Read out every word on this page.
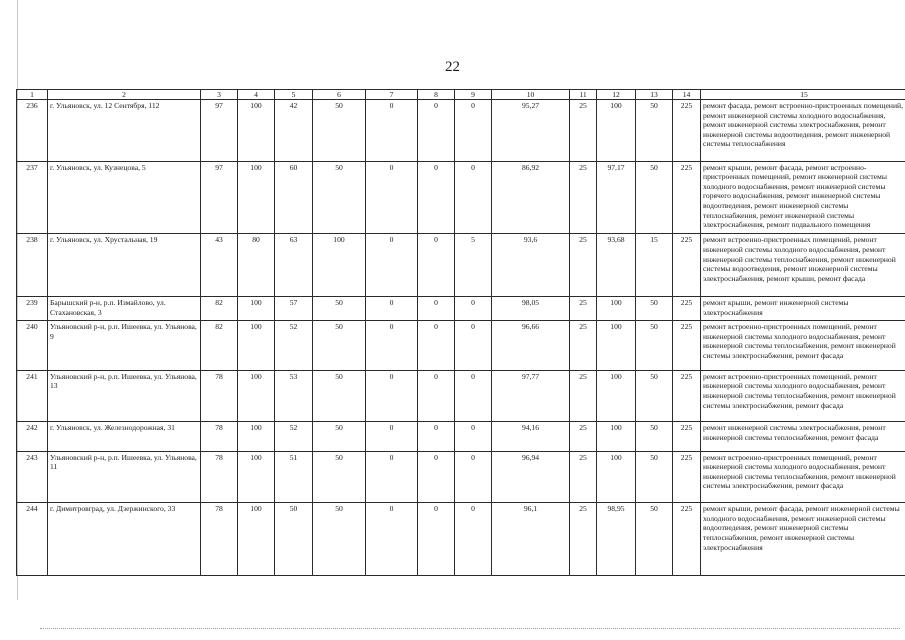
22
1	2	3	4	5	6	7	8	9	10	11	12	13	14	15
236	г. Ульяновск, ул. 12 Сентября, 112	97	100	42	50	0	0	0	95,27	25	100	50	225	ремонт фасада, ремонт встроенно-пристроенных помещений, ремонт инженерной системы холодного водоснабжения, ремонт инженерной системы электроснабжения, ремонт инженерной системы водоотведения, ремонт инженерной системы теплоснабжения
237	г. Ульяновск, ул. Кузнецова, 5	97	100	60	50	0	0	0	86,92	25	97,17	50	225	ремонт крыши, ремонт фасада, ремонт встроенно-пристроенных помещений, ремонт инженерной системы холодного водоснабжения, ремонт инженерной системы горячего водоснабжения, ремонт инженерной системы водоотведения, ремонт инженерной системы теплоснабжения, ремонт инженерной системы электроснабжения, ремонт подвального помещения
238	г. Ульяновск, ул. Хрустальная, 19	43	80	63	100	0	0	5	93,6	25	93,68	15	225	ремонт встроенно-пристроенных помещений, ремонт инженерной системы холодного водоснабжения, ремонт инженерной системы теплоснабжения, ремонт инженерной системы водоотведения, ремонт инженерной системы электроснабжения, ремонт крыши, ремонт фасада
239	Барышский р-н, р.п. Измайлово, ул. Стахановская, 3	82	100	57	50	0	0	0	98,05	25	100	50	225	ремонт крыши, ремонт инженерной системы электроснабжения
240	Ульяновский р-н, р.п. Ишеевка, ул. Ульянова, 9	82	100	52	50	0	0	0	96,66	25	100	50	225	ремонт встроенно-пристроенных помещений, ремонт инженерной системы холодного водоснабжения, ремонт инженерной системы теплоснабжения, ремонт инженерной системы электроснабжения, ремонт фасада
241	Ульяновский р-н, р.п. Ишеевка, ул. Ульянова, 13	78	100	53	50	0	0	0	97,77	25	100	50	225	ремонт встроенно-пристроенных помещений, ремонт инженерной системы холодного водоснабжения, ремонт инженерной системы теплоснабжения, ремонт инженерной системы электроснабжения, ремонт фасада
242	г. Ульяновск, ул. Железнодорожная, 31	78	100	52	50	0	0	0	94,16	25	100	50	225	ремонт инженерной системы электроснабжения, ремонт инженерной системы теплоснабжения, ремонт фасада
243	Ульяновский р-н, р.п. Ишеевка, ул. Ульянова, 11	78	100	51	50	0	0	0	96,94	25	100	50	225	ремонт встроенно-пристроенных помещений, ремонт инженерной системы холодного водоснабжения, ремонт инженерной системы теплоснабжения, ремонт инженерной системы электроснабжения, ремонт фасада
244	г. Димитровград, ул. Дзержинского, 33	78	100	50	50	0	0	0	96,1	25	98,95	50	225	ремонт крыши, ремонт фасада, ремонт инженерной системы холодного водоснабжения, ремонт инженерной системы водоотведения, ремонт инженерной системы теплоснабжения, ремонт инженерной системы электроснабжения
